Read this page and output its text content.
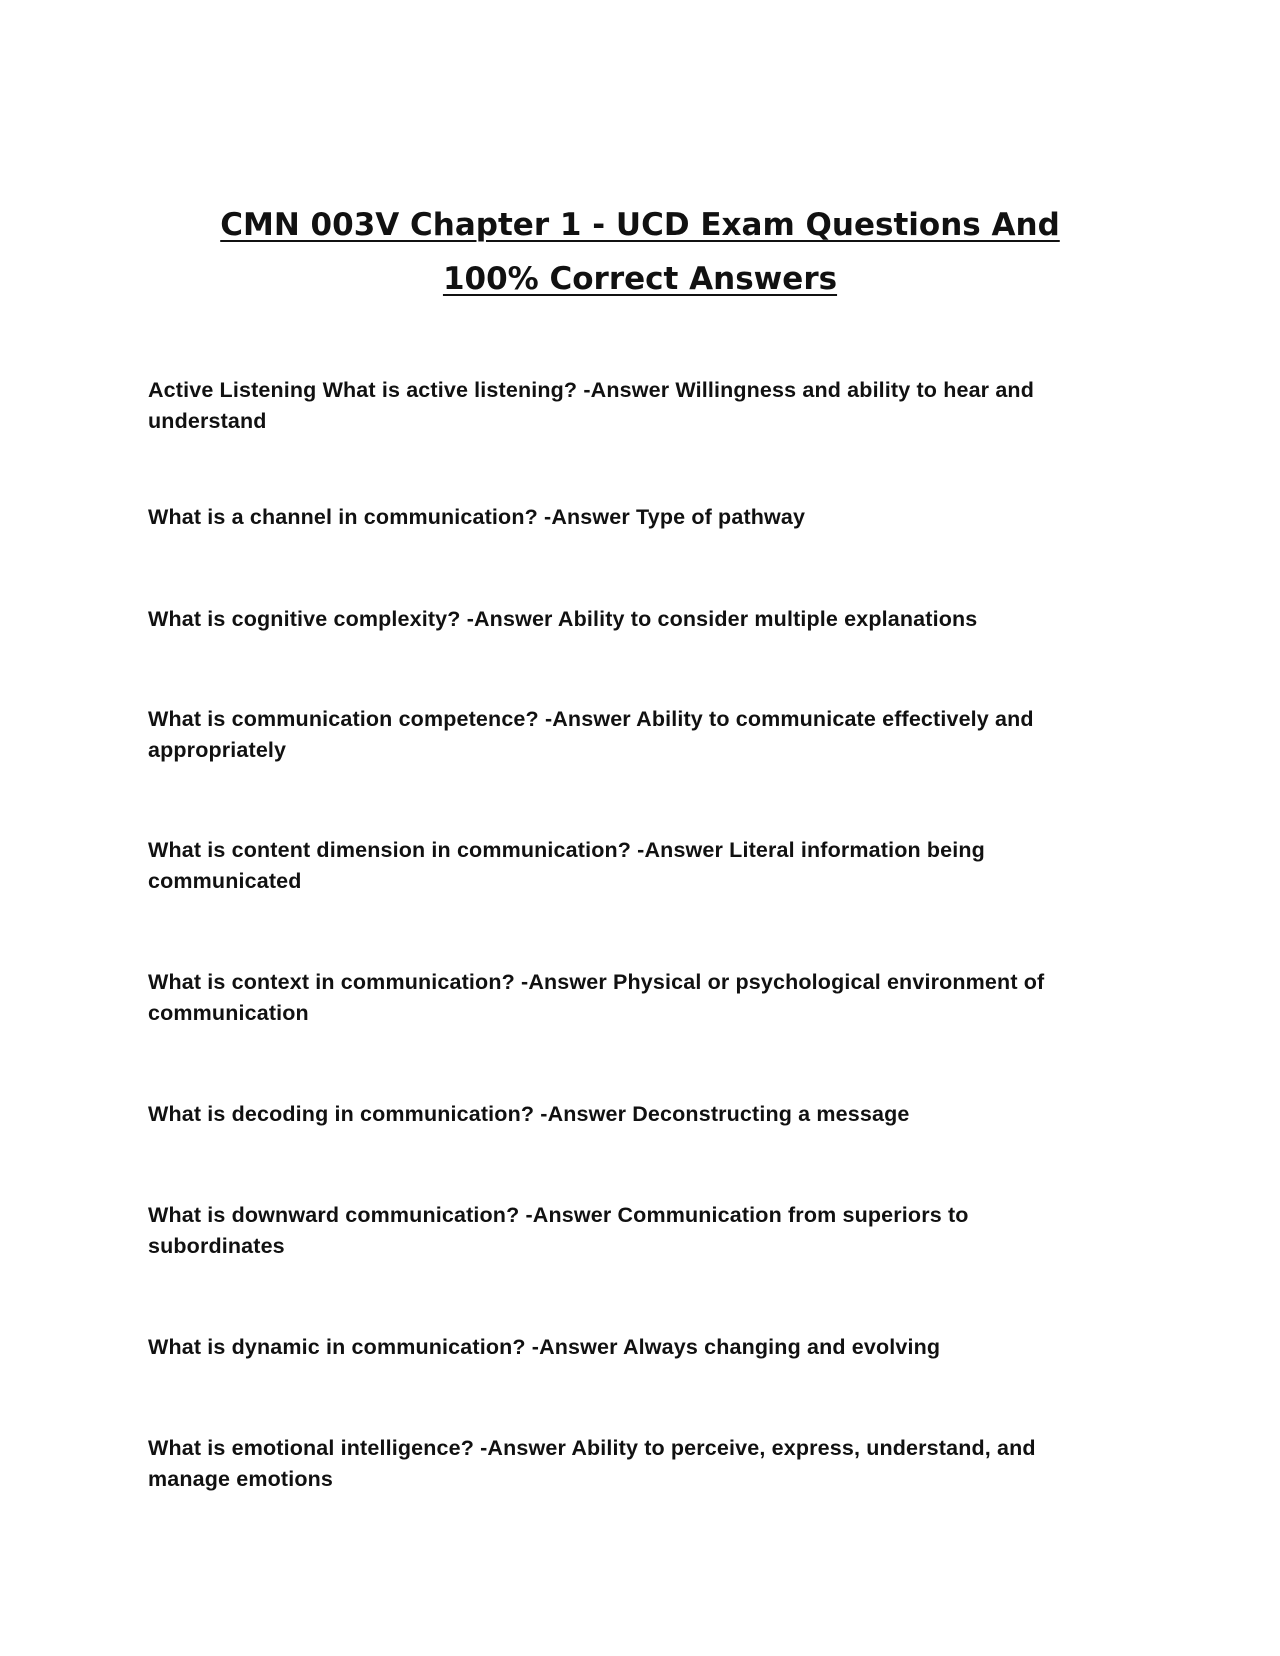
CMN 003V Chapter 1 - UCD Exam Questions And
100% Correct Answers

Active Listening What is active listening? -Answer Willingness and ability to hear and understand

What is a channel in communication? -Answer Type of pathway

What is cognitive complexity? -Answer Ability to consider multiple explanations

What is communication competence? -Answer Ability to communicate effectively and appropriately

What is content dimension in communication? -Answer Literal information being communicated

What is context in communication? -Answer Physical or psychological environment of communication

What is decoding in communication? -Answer Deconstructing a message

What is downward communication? -Answer Communication from superiors to subordinates

What is dynamic in communication? -Answer Always changing and evolving

What is emotional intelligence? -Answer Ability to perceive, express, understand, and manage emotions
